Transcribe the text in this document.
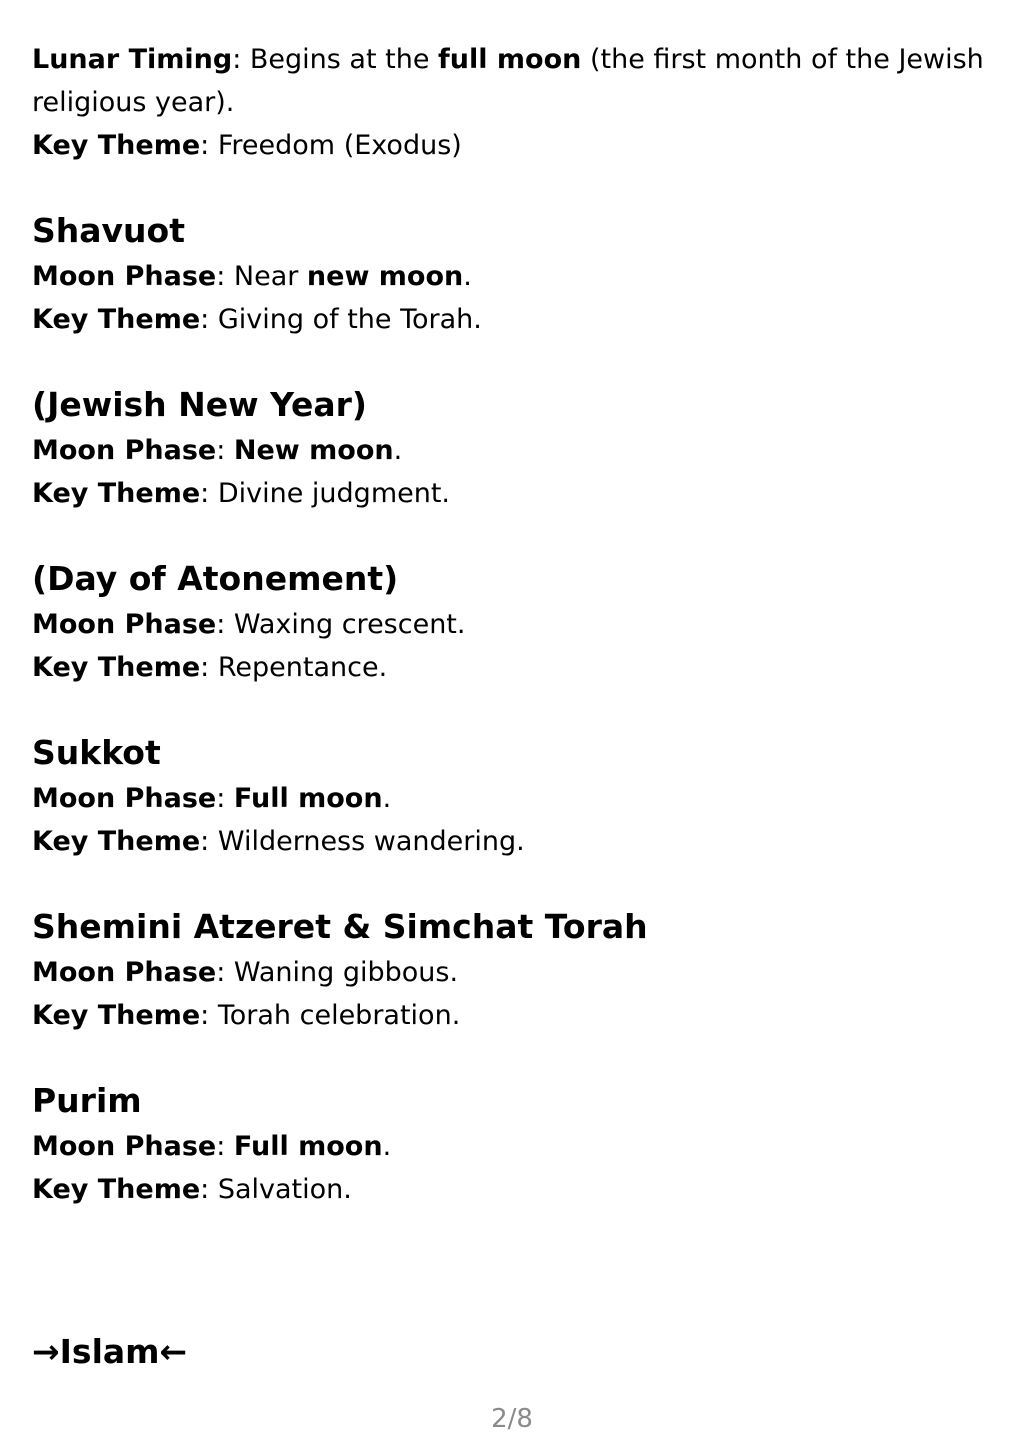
Lunar Timing: Begins at the full moon (the first month of the Jewish religious year).

Key Theme: Freedom (Exodus)

Shavuot

Moon Phase: Near new moon.

Key Theme: Giving of the Torah.

(Jewish New Year)

Moon Phase: New moon.

Key Theme: Divine judgment.

(Day of Atonement)

Moon Phase: Waxing crescent.

Key Theme: Repentance.

Sukkot

Moon Phase: Full moon.

Key Theme: Wilderness wandering.

Shemini Atzeret & Simchat Torah

Moon Phase: Waning gibbous.

Key Theme: Torah celebration.

Purim

Moon Phase: Full moon.

Key Theme: Salvation.

→Islam←

2/8
